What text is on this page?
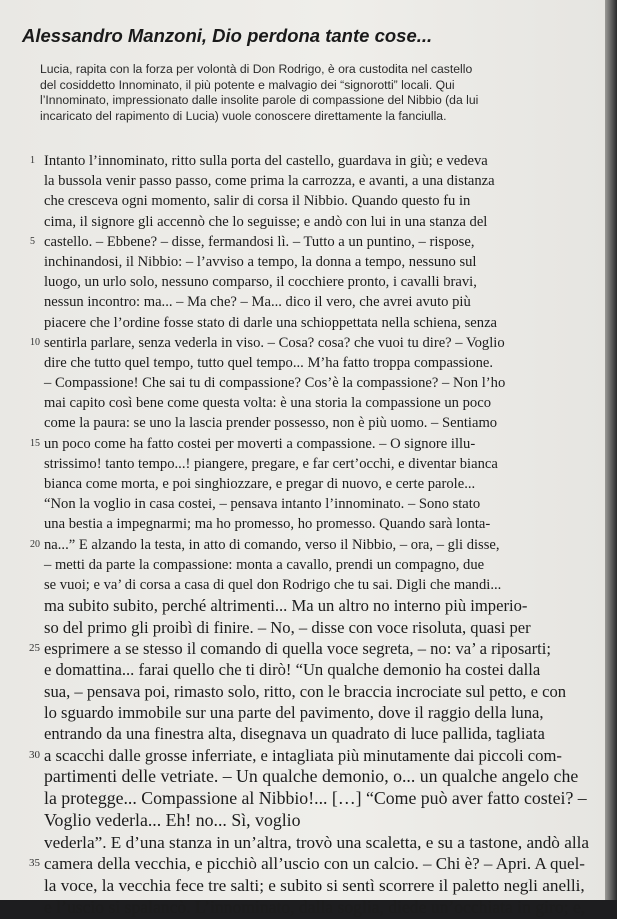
Alessandro Manzoni, Dio perdona tante cose...
Lucia, rapita con la forza per volontà di Don Rodrigo, è ora custodita nel castello
del cosiddetto Innominato, il più potente e malvagio dei “signorotti” locali. Qui
l’Innominato, impressionato dalle insolite parole di compassione del Nibbio (da lui
incaricato del rapimento di Lucia) vuole conoscere direttamente la fanciulla.
1 Intanto l’innominato, ritto sulla porta del castello, guardava in giù; e vedeva
la bussola venir passo passo, come prima la carrozza, e avanti, a una distanza
che cresceva ogni momento, salir di corsa il Nibbio. Quando questo fu in
cima, il signore gli accennò che lo seguisse; e andò con lui in una stanza del
5 castello. – Ebbene? – disse, fermandosi lì. – Tutto a un puntino, – rispose,
inchinandosi, il Nibbio: – l’avviso a tempo, la donna a tempo, nessuno sul
luogo, un urlo solo, nessuno comparso, il cocchiere pronto, i cavalli bravi,
nessun incontro: ma... – Ma che? – Ma... dico il vero, che avrei avuto più
piacere che l’ordine fosse stato di darle una schioppettata nella schiena, senza
10 sentirla parlare, senza vederla in viso. – Cosa? cosa? che vuoi tu dire? – Voglio
dire che tutto quel tempo, tutto quel tempo... M’ha fatto troppa compassione.
– Compassione! Che sai tu di compassione? Cos’è la compassione? – Non l’ho
mai capito così bene come questa volta: è una storia la compassione un poco
come la paura: se uno la lascia prender possesso, non è più uomo. – Sentiamo
15 un poco come ha fatto costei per moverti a compassione. – O signore illu-
strissimo! tanto tempo...! piangere, pregare, e far cert’occhi, e diventar bianca
bianca come morta, e poi singhiozzare, e pregar di nuovo, e certe parole...
“Non la voglio in casa costei, – pensava intanto l’innominato. – Sono stato
una bestia a impegnarmi; ma ho promesso, ho promesso. Quando sarà lonta-
20 na...” E alzando la testa, in atto di comando, verso il Nibbio, – ora, – gli disse,
– metti da parte la compassione: monta a cavallo, prendi un compagno, due
se vuoi; e va’ di corsa a casa di quel don Rodrigo che tu sai. Digli che mandi...
ma subito subito, perché altrimenti... Ma un altro no interno più imperio-
so del primo gli proibì di finire. – No, – disse con voce risoluta, quasi per
25 esprimere a se stesso il comando di quella voce segreta, – no: va’ a riposarti;
e domattina... farai quello che ti dirò! “Un qualche demonio ha costei dalla
sua, – pensava poi, rimasto solo, ritto, con le braccia incrociate sul petto, e con
lo sguardo immobile sur una parte del pavimento, dove il raggio della luna,
entrando da una finestra alta, disegnava un quadrato di luce pallida, tagliata
30 a scacchi dalle grosse inferriate, e intagliata più minutamente dai piccoli com-
partimenti delle vetriate. – Un qualche demonio, o... un qualche angelo che
la protegge... Compassione al Nibbio!... […] “Come può aver fatto costei? –
Voglio vederla... Eh! no... Sì, voglio
vederla”. E d’una stanza in un’altra, trovò una scaletta, e su a tastone, andò alla
35 camera della vecchia, e picchiò all’uscio con un calcio. – Chi è? – Apri. A quel-
la voce, la vecchia fece tre salti; e subito si sentì scorrere il paletto negli anelli,
e l’uscio si spalancò. L’innominato, dalla soglia, diede un’occhiata in giro; e,
